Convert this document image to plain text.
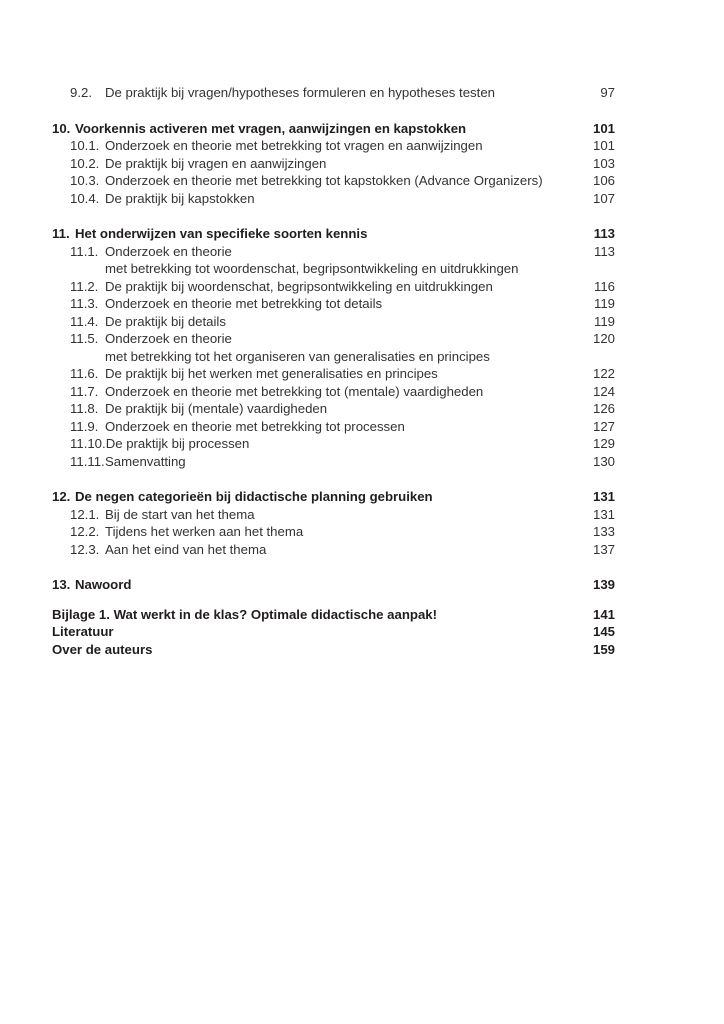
9.2. De praktijk bij vragen/hypotheses formuleren en hypotheses testen	97
10. Voorkennis activeren met vragen, aanwijzingen en kapstokken	101
10.1. Onderzoek en theorie met betrekking tot vragen en aanwijzingen	101
10.2. De praktijk bij vragen en aanwijzingen	103
10.3. Onderzoek en theorie met betrekking tot kapstokken (Advance Organizers)	106
10.4. De praktijk bij kapstokken	107
11. Het onderwijzen van specifieke soorten kennis	113
11.1. Onderzoek en theorie	113
met betrekking tot woordenschat, begripsontwikkeling en uitdrukkingen
11.2. De praktijk bij woordenschat, begripsontwikkeling en uitdrukkingen	116
11.3. Onderzoek en theorie met betrekking tot details	119
11.4. De praktijk bij details	119
11.5. Onderzoek en theorie	120
met betrekking tot het organiseren van generalisaties en principes
11.6. De praktijk bij het werken met generalisaties en principes	122
11.7. Onderzoek en theorie met betrekking tot (mentale) vaardigheden	124
11.8. De praktijk bij (mentale) vaardigheden	126
11.9. Onderzoek en theorie met betrekking tot processen	127
11.10. De praktijk bij processen	129
11.11. Samenvatting	130
12. De negen categorieën bij didactische planning gebruiken	131
12.1. Bij de start van het thema	131
12.2. Tijdens het werken aan het thema	133
12.3. Aan het eind van het thema	137
13. Nawoord	139
Bijlage 1. Wat werkt in de klas? Optimale didactische aanpak!	141
Literatuur	145
Over de auteurs	159
